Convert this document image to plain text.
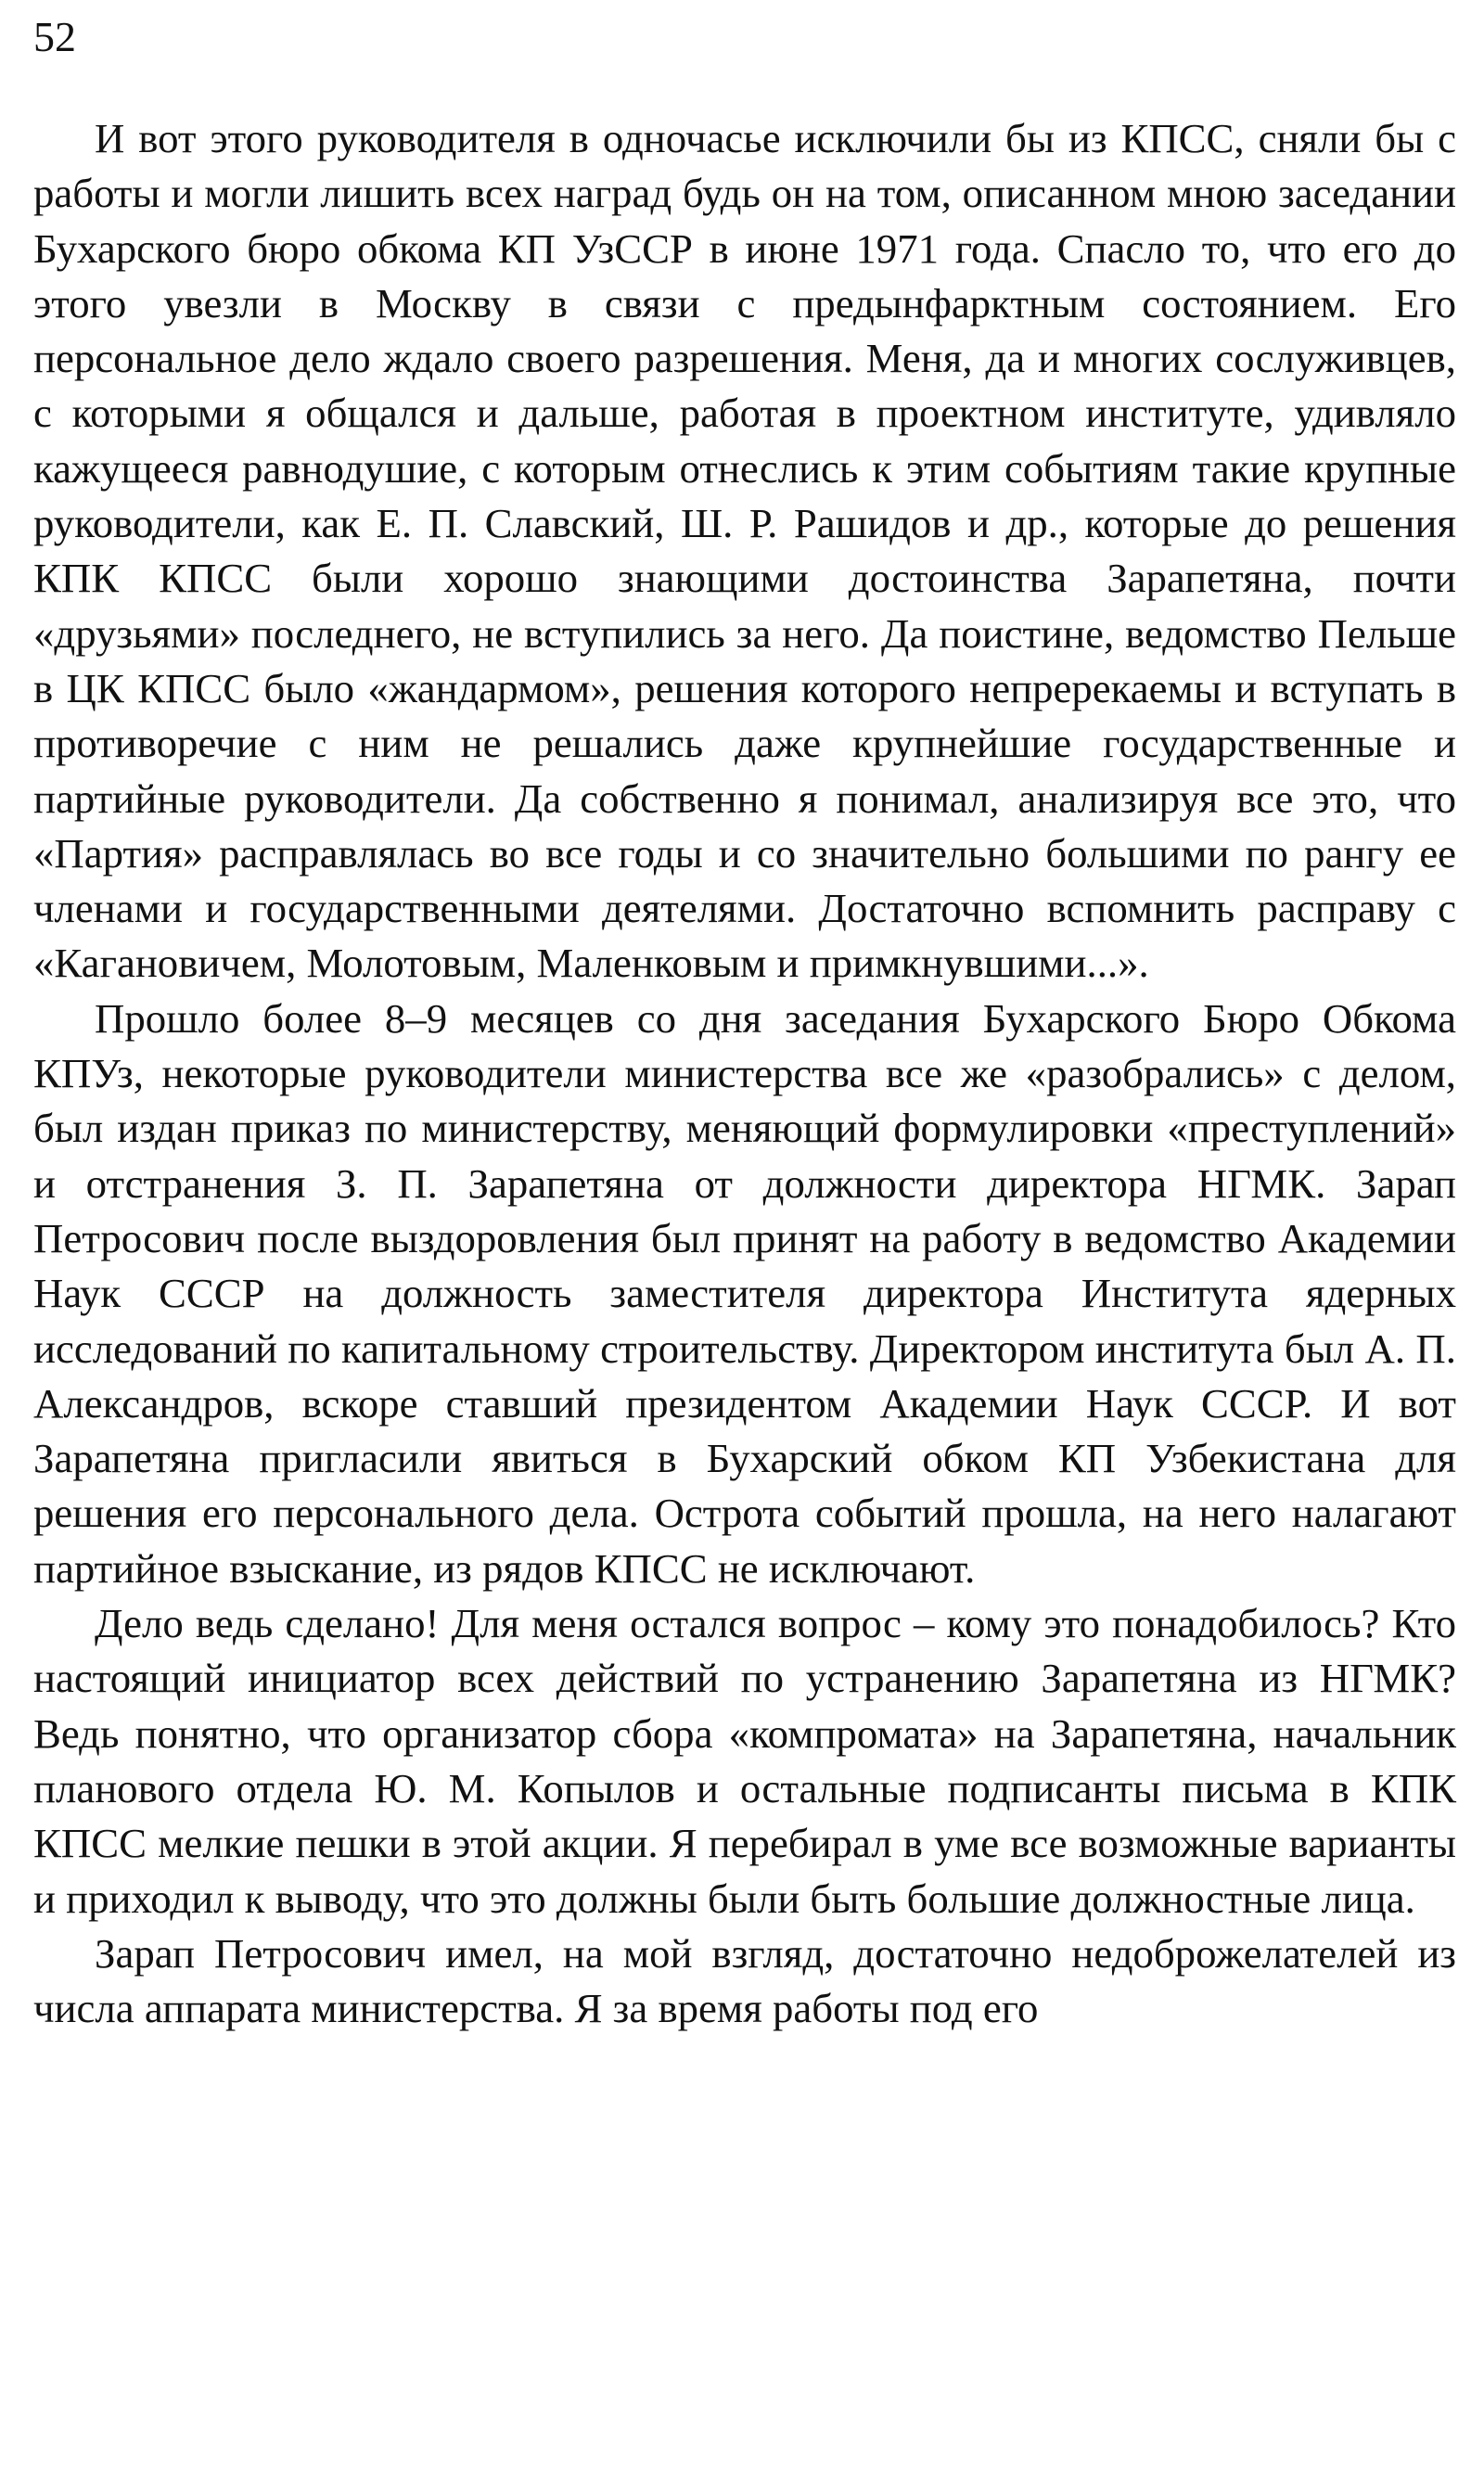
52

И вот этого руководителя в одночасье исключили бы из КПСС, сняли бы с работы и могли лишить всех наград будь он на том, описанном мною заседании Бухарского бюро обкома КП УзССР в июне 1971 года. Спасло то, что его до этого увезли в Москву в связи с предынфарктным состоянием. Его персональное дело ждало своего разрешения. Меня, да и многих сослуживцев, с которыми я общался и дальше, работая в проектном институте, удивляло кажущееся равнодушие, с которым отнеслись к этим событиям такие крупные руководители, как Е. П. Славский, Ш. Р. Рашидов и др., которые до решения КПК КПСС были хорошо знающими достоинства Зарапетяна, почти «друзьями» последнего, не вступились за него. Да поистине, ведомство Пельше в ЦК КПСС было «жандармом», решения которого непререкаемы и вступать в противоречие с ним не решались даже крупнейшие государственные и партийные руководители. Да собственно я понимал, анализируя все это, что «Партия» расправлялась во все годы и со значительно большими по рангу ее членами и государственными деятелями. Достаточно вспомнить расправу с «Кагановичем, Молотовым, Маленковым и примкнувшими...».

Прошло более 8–9 месяцев со дня заседания Бухарского Бюро Обкома КПУз, некоторые руководители министерства все же «разобрались» с делом, был издан приказ по министерству, меняющий формулировки «преступлений» и отстранения З. П. Зарапетяна от должности директора НГМК. Зарап Петросович после выздоровления был принят на работу в ведомство Академии Наук СССР на должность заместителя директора Института ядерных исследований по капитальному строительству. Директором института был А. П. Александров, вскоре ставший президентом Академии Наук СССР. И вот Зарапетяна пригласили явиться в Бухарский обком КП Узбекистана для решения его персонального дела. Острота событий прошла, на него налагают партийное взыскание, из рядов КПСС не исключают.

Дело ведь сделано! Для меня остался вопрос – кому это понадобилось? Кто настоящий инициатор всех действий по устранению Зарапетяна из НГМК? Ведь понятно, что организатор сбора «компромата» на Зарапетяна, начальник планового отдела Ю. М. Копылов и остальные подписанты письма в КПК КПСС мелкие пешки в этой акции. Я перебирал в уме все возможные варианты и приходил к выводу, что это должны были быть большие должностные лица.

Зарап Петросович имел, на мой взгляд, достаточно недоброжелателей из числа аппарата министерства. Я за время работы под его
